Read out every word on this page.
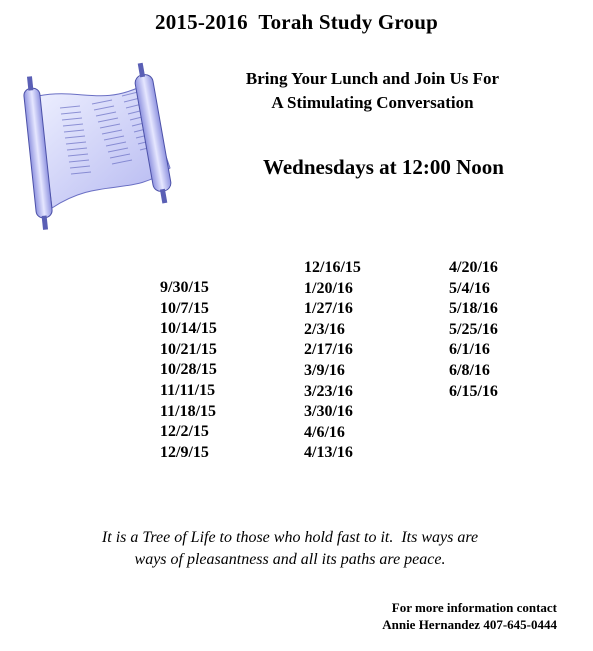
2015-2016  Torah Study Group
Bring Your Lunch and Join Us For
A Stimulating Conversation
Wednesdays at 12:00 Noon
9/30/15
10/7/15
10/14/15
10/21/15
10/28/15
11/11/15
11/18/15
12/2/15
12/9/15
12/16/15
1/20/16
1/27/16
2/3/16
2/17/16
3/9/16
3/23/16
3/30/16
4/6/16
4/13/16
4/20/16
5/4/16
5/18/16
5/25/16
6/1/16
6/8/16
6/15/16
It is a Tree of Life to those who hold fast to it.  Its ways are
ways of pleasantness and all its paths are peace.
For more information contact
Annie Hernandez 407-645-0444
